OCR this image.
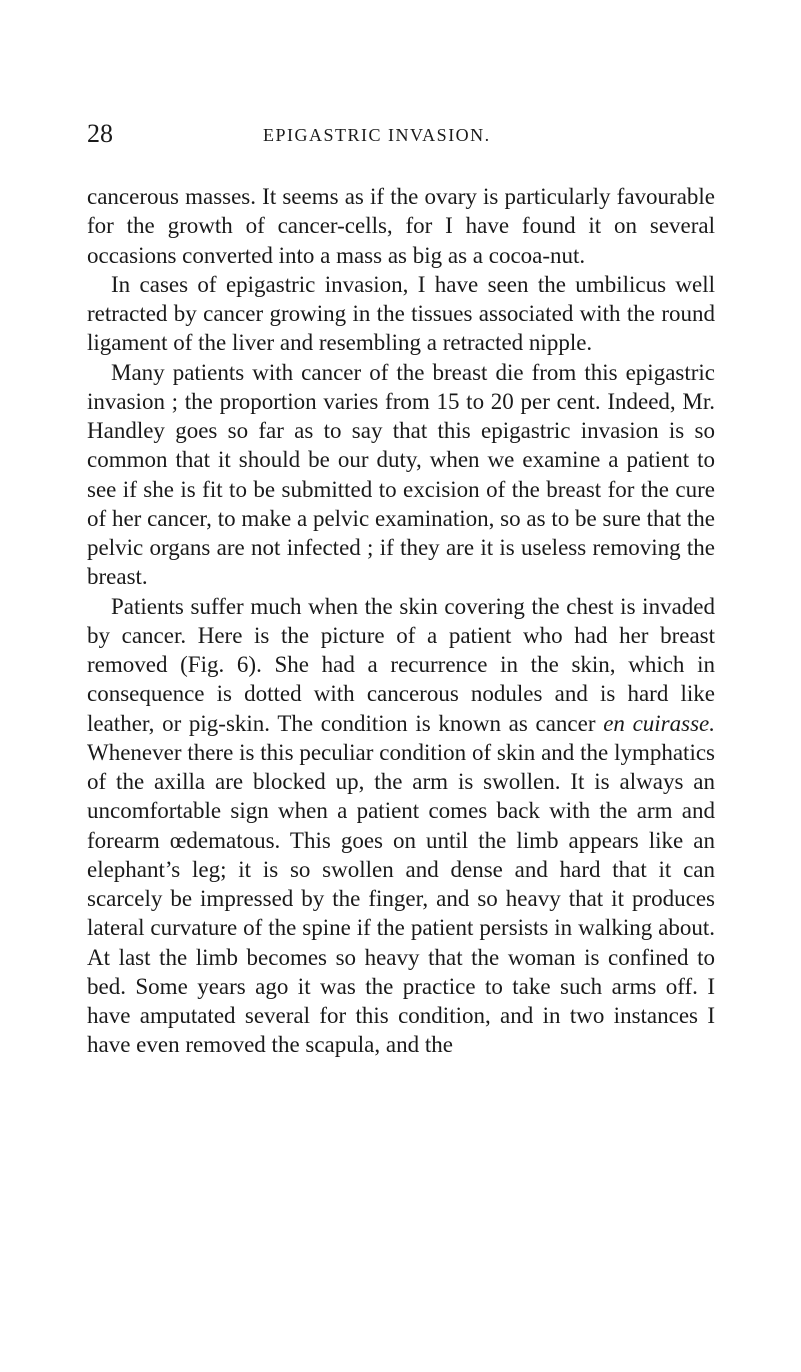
28	EPIGASTRIC INVASION.

cancerous masses. It seems as if the ovary is particularly favourable for the growth of cancer-cells, for I have found it on several occasions converted into a mass as big as a cocoa-nut.

In cases of epigastric invasion, I have seen the umbilicus well retracted by cancer growing in the tissues associated with the round ligament of the liver and resembling a retracted nipple.

Many patients with cancer of the breast die from this epigastric invasion ; the proportion varies from 15 to 20 per cent. Indeed, Mr. Handley goes so far as to say that this epigastric invasion is so common that it should be our duty, when we examine a patient to see if she is fit to be submitted to excision of the breast for the cure of her cancer, to make a pelvic examination, so as to be sure that the pelvic organs are not infected ; if they are it is useless removing the breast.

Patients suffer much when the skin covering the chest is invaded by cancer. Here is the picture of a patient who had her breast removed (Fig. 6). She had a recurrence in the skin, which in consequence is dotted with cancerous nodules and is hard like leather, or pig-skin. The condition is known as cancer en cuirasse. Whenever there is this peculiar condition of skin and the lymphatics of the axilla are blocked up, the arm is swollen. It is always an uncomfortable sign when a patient comes back with the arm and forearm œdematous. This goes on until the limb appears like an elephant’s leg; it is so swollen and dense and hard that it can scarcely be impressed by the finger, and so heavy that it produces lateral curvature of the spine if the patient persists in walking about. At last the limb becomes so heavy that the woman is confined to bed. Some years ago it was the practice to take such arms off. I have amputated several for this condition, and in two instances I have even removed the scapula, and the
